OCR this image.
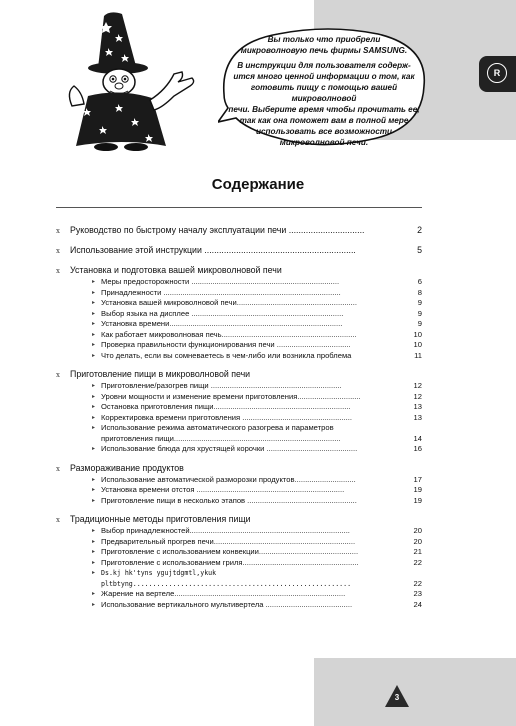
R

Вы только что приобрели
микроволновую печь фирмы SAMSUNG.

В инструкции для пользователя содерж-
ится много ценной информации о том, как
готовить пищу с помощью вашей микроволновой
печи. Выберите время чтобы прочитать ее,
так как она поможет вам в полной мере
использовать все возможности
микроволновой печи.

Содержание
x	Руководство по быстрому началу эксплуатации печи ...............................	2
x	Использование этой инструкции ..............................................................	5
x	Установка и подготовка вашей микроволновой печи
▸ Меры предосторожности ......................................................................	6
▸ Принадлежности ....................................................................................	8
▸ Установка вашей микроволновой печи.........................................................	9
▸ Выбор языка на дисплее ........................................................................	9
▸ Установка времени..................................................................................	9
▸ Как работает микроволновая печь................................................................	10
▸ Проверка правильности функционирования печи ...................................	10
▸ Что делать, если вы сомневаетесь в чем-либо или возникла проблема	11
x	Приготовление пищи в микроволновой печи
▸ Приготовление/разогрев пищи ..............................................................	12
▸ Уровни мощности и изменение времени приготовления..............................	12
▸ Остановка приготовления пищи.................................................................	13
▸ Корректировка времени приготовления ....................................................	13
▸ Использование режима автоматического разогрева и параметров
приготовления пищи...............................................................................	14
▸ Использование блюда для хрустящей корочки ...........................................	16
x	Размораживание продуктов
▸ Использование автоматической разморозки продуктов.............................	17
▸ Установка времени отстоя ......................................................................	19
▸ Приготовление пищи в несколько этапов ....................................................	19
x	Традиционные методы приготовления пищи
▸ Выбор принадлежностей............................................................................	20
▸ Предварительный прогрев печи...................................................................	20
▸ Приготовление с использованием конвекции...............................................	21
▸ Приготовление с использованием гриля.......................................................	22
▸ Ds.kj hk'tyns ygujtdgmtl,ykuk pltbtyng.......................................................	22
▸ Жарение на вертеле.................................................................................	23
▸ Использование вертикального мультивертела .........................................	24
3
